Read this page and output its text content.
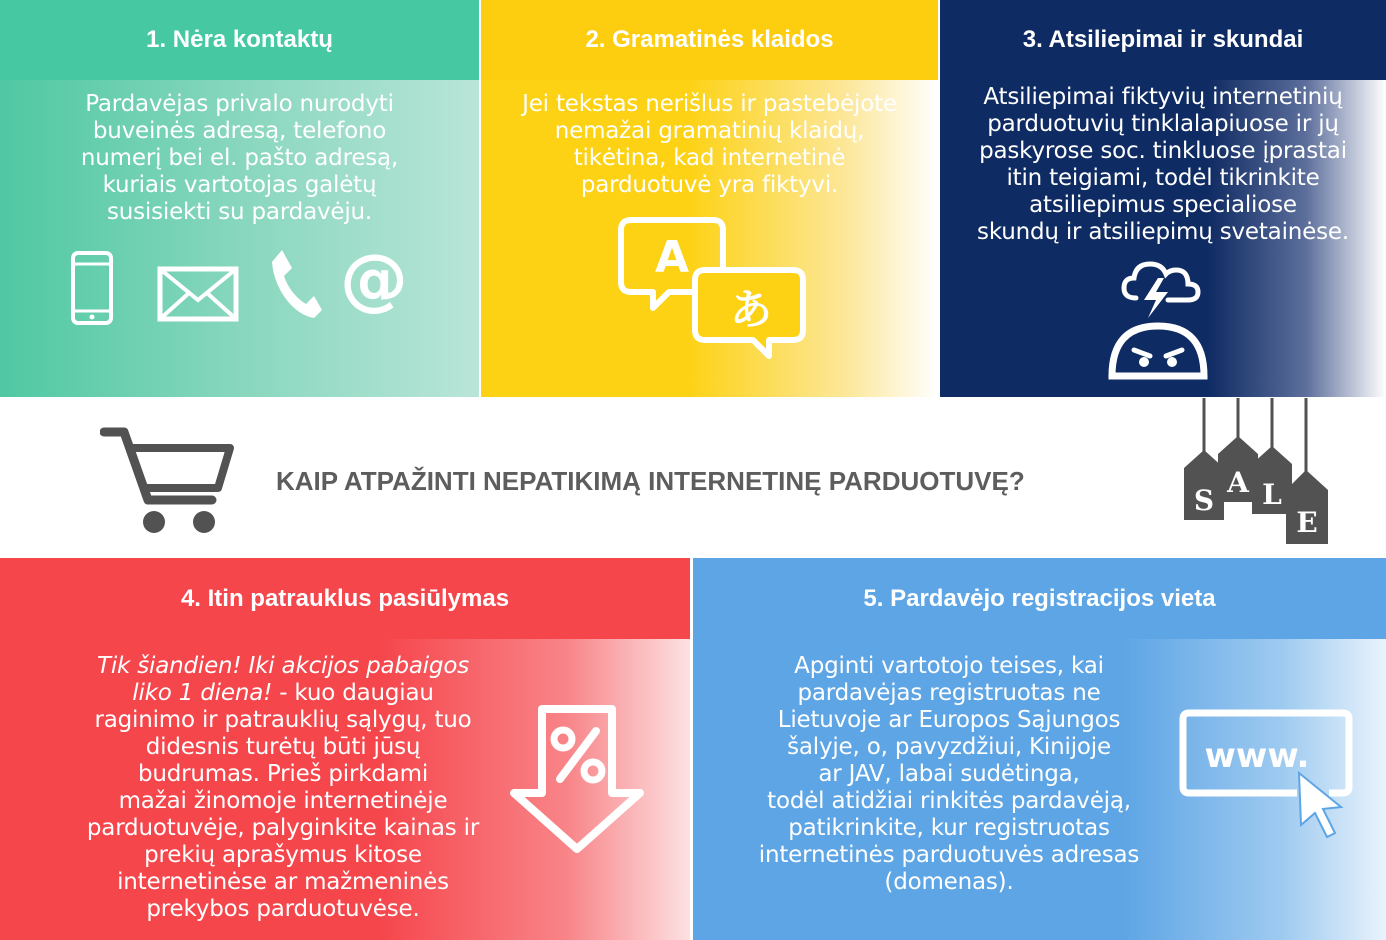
1. Nėra kontaktų
Pardavėjas privalo nurodyti
buveinės adresą, telefono
numerį bei el. pašto adresą,
kuriais vartotojas galėtų
susisiekti su pardavėju.
@
2. Gramatinės klaidos
Jei tekstas nerišlus ir pastebėjote
nemažai gramatinių klaidų,
tikėtina, kad internetinė
parduotuvė yra fiktyvi.
A
あ
3. Atsiliepimai ir skundai
Atsiliepimai fiktyvių internetinių
parduotuvių tinklalapiuose ir jų
paskyrose soc. tinkluose įprastai
itin teigiami, todėl tikrinkite
atsiliepimus specialiose
skundų ir atsiliepimų svetainėse.
KAIP ATPAŽINTI NEPATIKIMĄ INTERNETINĘ PARDUOTUVĘ?
S
A L
E
4. Itin patrauklus pasiūlymas
Tik šiandien! Iki akcijos pabaigos
liko 1 diena! - kuo daugiau
raginimo ir patrauklių sąlygų, tuo
didesnis turėtų būti jūsų
budrumas. Prieš pirkdami
mažai žinomoje internetinėje
parduotuvėje, palyginkite kainas ir
prekių aprašymus kitose
internetinėse ar mažmeninės
prekybos parduotuvėse.
5. Pardavėjo registracijos vieta
Apginti vartotojo teises, kai
pardavėjas registruotas ne
Lietuvoje ar Europos Sąjungos
šalyje, o, pavyzdžiui, Kinijoje
ar JAV, labai sudėtinga,
todėl atidžiai rinkitės pardavėją,
patikrinkite, kur registruotas
internetinės parduotuvės adresas
(domenas).
www.
